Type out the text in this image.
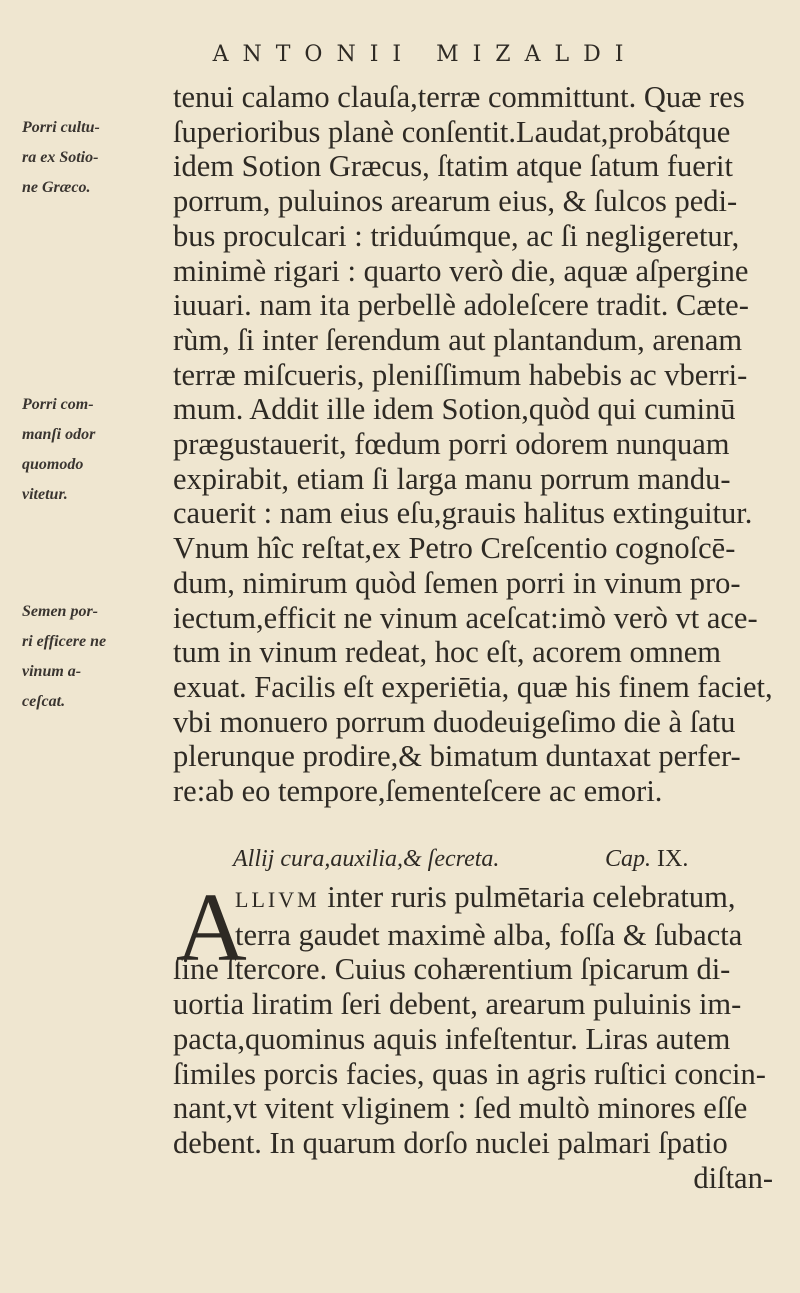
ANTONII MIZALDI
Porri cultu-
ra ex Sotio-
ne Græco.
Porri com-
manſi odor
quomodo
vitetur.
Semen por-
ri efficere ne
vinum a-
ceſcat.
tenui calamo clauſa,terræ committunt. Quæ res
ſuperioribus planè conſentit.Laudat,probátque
idem Sotion Græcus, ſtatim atque ſatum fuerit
porrum, puluinos arearum eius, & ſulcos pedi-
bus proculcari : triduúmque, ac ſi negligeretur,
minimè rigari : quarto verò die, aquæ aſpergine
iuuari. nam ita perbellè adoleſcere tradit. Cæte-
rùm, ſi inter ſerendum aut plantandum, arenam
terræ miſcueris, pleniſſimum habebis ac vberri-
mum. Addit ille idem Sotion,quòd qui cuminū
prægustauerit, fœdum porri odorem nunquam
expirabit, etiam ſi larga manu porrum mandu-
cauerit : nam eius eſu,grauis halitus extinguitur.
Vnum hîc reſtat,ex Petro Creſcentio cognoſcē-
dum, nimirum quòd ſemen porri in vinum pro-
iectum,efficit ne vinum aceſcat:imò verò vt ace-
tum in vinum redeat, hoc eſt, acorem omnem
exuat. Facilis eſt experiētia, quæ his finem faciet,
vbi monuero porrum duodeuigeſimo die à ſatu
plerunque prodire,& bimatum duntaxat perfer-
re:ab eo tempore,ſementeſcere ac emori.
Allij cura,auxilia,& ſecreta.	Cap. IX.
A
LLIVM inter ruris pulmētaria celebratum,
terra gaudet maximè alba, foſſa & ſubacta
ſine ſtercore. Cuius cohærentium ſpicarum di-
uortia liratim ſeri debent, arearum puluinis im-
pacta,quominus aquis infeſtentur. Liras autem
ſimiles porcis facies, quas in agris ruſtici concin-
nant,vt vitent vliginem : ſed multò minores eſſe
debent. In quarum dorſo nuclei palmari ſpatio
diſtan-
